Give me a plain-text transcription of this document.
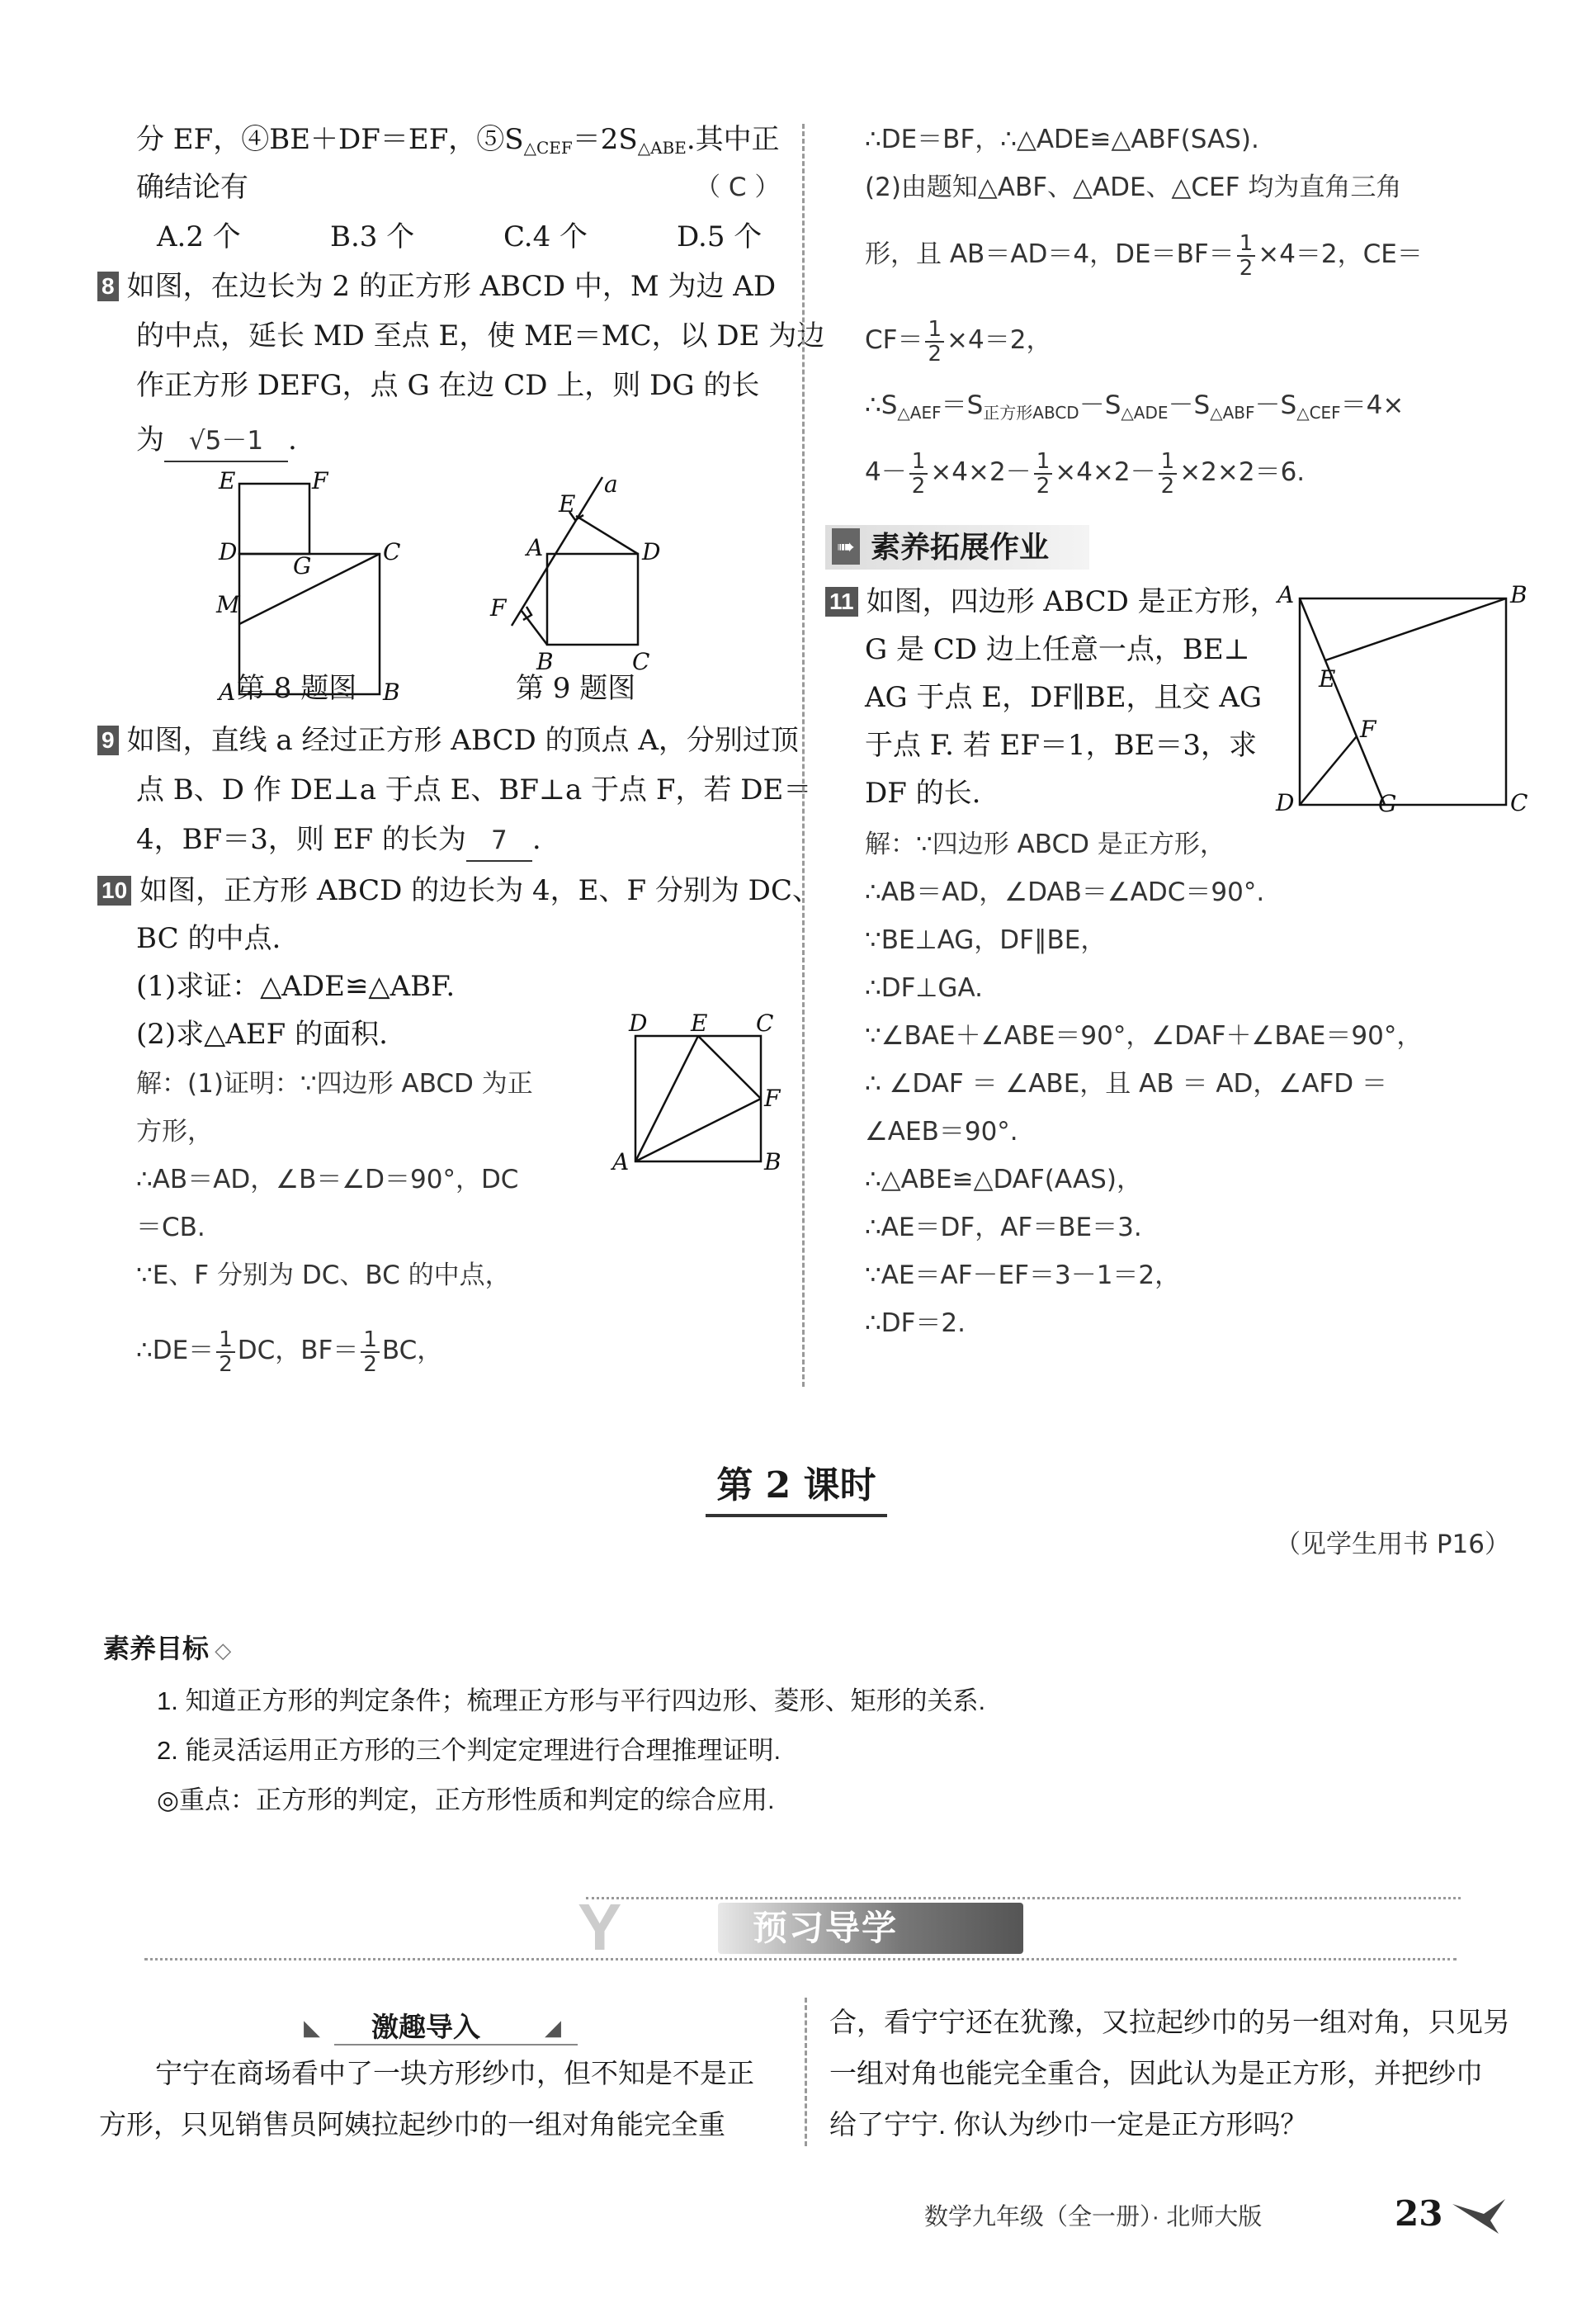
分 EF，④BE＋DF＝EF，$⑤S_{\triangle CEF}=2S_{\triangle ABE}$.其中正
确结论有	（ C ）
A.2 个	B.3 个	C.4 个	D.5 个
8 如图，在边长为 2 的正方形 ABCD 中，M 为边 AD
的中点，延长 MD 至点 E，使 ME＝MC，以 DE 为边
作正方形 DEFG，点 G 在边 CD 上，则 DG 的长
为 √5－1 .
E	F
D	C
G
M
A	B
第 8 题图
a
E
A	D
F
B	C
第 9 题图
9 如图，直线 a 经过正方形 ABCD 的顶点 A，分别过顶
点 B、D 作 DE⊥a 于点 E、BF⊥a 于点 F，若 DE＝
4，BF＝3，则 EF 的长为 7 .
10 如图，正方形 ABCD 的边长为 4，E、F 分别为 DC、
BC 的中点.
(1)求证：△ADE≌△ABF.
(2)求△AEF 的面积.	D E C
F
A	B
解：(1)证明：∵四边形 ABCD 为正
方形，
∴AB＝AD，∠B＝∠D＝90°，DC
＝CB.
∵E、F 分别为 DC、BC 的中点，
∴DE＝ $\frac{1}{2}$ DC，$BF= \frac{1}{2}$ BC，
∴DE＝BF，∴△ADE≌△ABF(SAS).
(2)由题知△ABF、△ADE、△CEF 均为直角三角
形，且 AB＝AD＝4，$DE=BF= \frac{1}{2} \times 4=2$，CE＝
$CF= \frac{1}{2} \times 4=2$，
$\therefore S_{\triangle AEF}=S_{正方形ABCD}-S_{\triangle ADE}-S_{\triangle ABF}-S_{\triangle CEF}=4\times$
$4- \frac{1}{2} \times 4\times 2- \frac{1}{2} \times 4\times 2- \frac{1}{2} \times 2\times 2=6$.
➠ 素养拓展作业
11 如图，四边形 ABCD 是正方形，
G 是 CD 边上任意一点，BE⊥
AG 于点 E，DF∥BE，且交 AG
于点 F. 若 EF＝1，BE＝3，求
DF 的长.
A	B
E
F
D	G	C
解：∵四边形 ABCD 是正方形，
∴AB＝AD，∠DAB＝∠ADC＝90°.
∵BE⊥AG，DF∥BE，
∴DF⊥GA.
∵∠BAE＋∠ABE＝90°，∠DAF＋∠BAE＝90°，
∴ ∠DAF ＝ ∠ABE，且 AB ＝ AD，∠AFD ＝
∠AEB＝90°.
∴△ABE≌△DAF(AAS)，
∴AE＝DF，AF＝BE＝3.
∵AE＝AF－EF＝3－1＝2，
∴DF＝2.
第 2 课时
（见学生用书 P16）
素养目标 ◇
1. 知道正方形的判定条件；梳理正方形与平行四边形、菱形、矩形的关系.
2. 能灵活运用正方形的三个判定定理进行合理推理证明.
◎重点：正方形的判定，正方形性质和判定的综合应用.
Y	预习导学
◣ 激趣导入	◢
宁宁在商场看中了一块方形纱巾，但不知是不是正
方形，只见销售员阿姨拉起纱巾的一组对角能完全重
合，看宁宁还在犹豫，又拉起纱巾的另一组对角，只见另
一组对角也能完全重合，因此认为是正方形，并把纱巾
给了宁宁. 你认为纱巾一定是正方形吗？
数学九年级（全一册）· 北师大版	23
